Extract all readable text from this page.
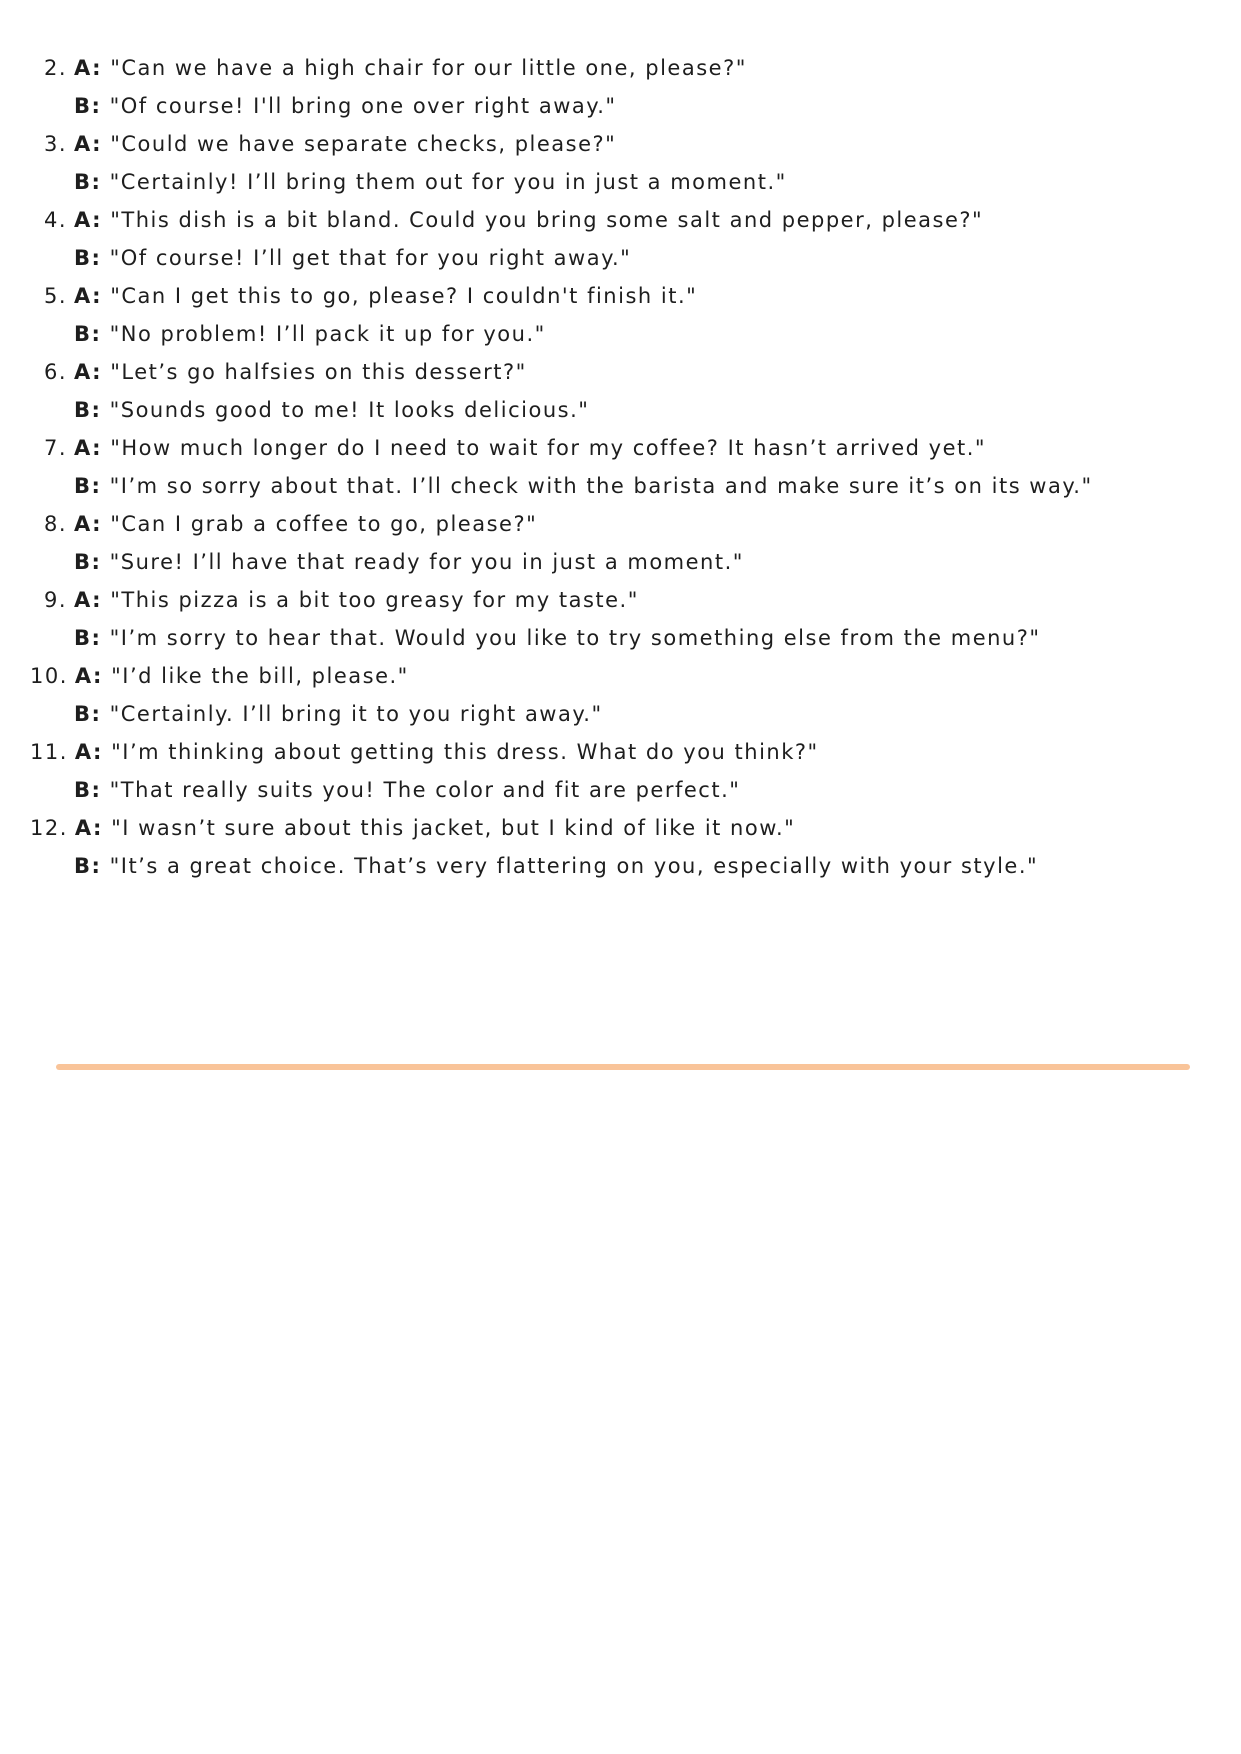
2. A: "Can we have a high chair for our little one, please?"

B: "Of course! I'll bring one over right away."

3. A: "Could we have separate checks, please?"

B: "Certainly! I’ll bring them out for you in just a moment."

4. A: "This dish is a bit bland. Could you bring some salt and pepper, please?"

B: "Of course! I’ll get that for you right away."

5. A: "Can I get this to go, please? I couldn't finish it."

B: "No problem! I’ll pack it up for you."

6. A: "Let’s go halfsies on this dessert?"

B: "Sounds good to me! It looks delicious."

7. A: "How much longer do I need to wait for my coffee? It hasn’t arrived yet."

B: "I’m so sorry about that. I’ll check with the barista and make sure it’s on its way."

8. A: "Can I grab a coffee to go, please?"

B: "Sure! I’ll have that ready for you in just a moment."

9. A: "This pizza is a bit too greasy for my taste."

B: "I’m sorry to hear that. Would you like to try something else from the menu?"

10. A: "I’d like the bill, please."

B: "Certainly. I’ll bring it to you right away."

11. A: "I’m thinking about getting this dress. What do you think?"

B: "That really suits you! The color and fit are perfect."

12. A: "I wasn’t sure about this jacket, but I kind of like it now."

B: "It’s a great choice. That’s very flattering on you, especially with your style."
